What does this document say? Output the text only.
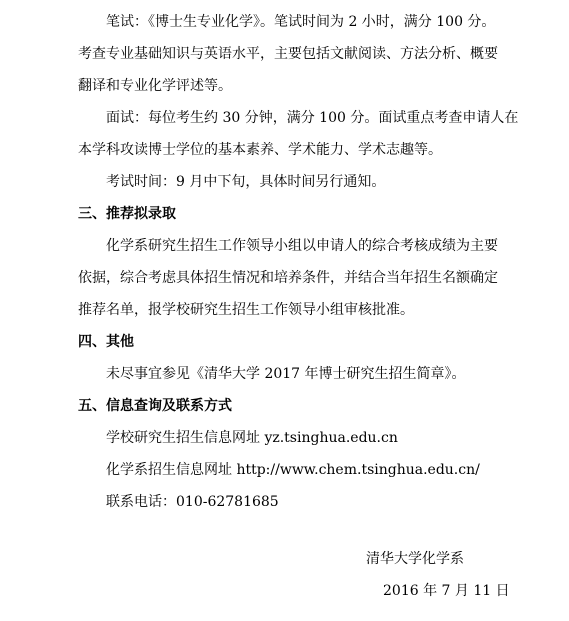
笔试：《博士生专业化学》。笔试时间为 2 小时，满分 100 分。
考查专业基础知识与英语水平，主要包括文献阅读、方法分析、概要
翻译和专业化学评述等。
面试：每位考生约 30 分钟，满分 100 分。面试重点考查申请人在
本学科攻读博士学位的基本素养、学术能力、学术志趣等。
考试时间：9 月中下旬，具体时间另行通知。
三、推荐拟录取
化学系研究生招生工作领导小组以申请人的综合考核成绩为主要
依据，综合考虑具体招生情况和培养条件，并结合当年招生名额确定
推荐名单，报学校研究生招生工作领导小组审核批准。
四、其他
未尽事宜参见《清华大学 2017 年博士研究生招生简章》。
五、信息查询及联系方式
学校研究生招生信息网址 yz.tsinghua.edu.cn
化学系招生信息网址 http://www.chem.tsinghua.edu.cn/
联系电话：010-62781685
清华大学化学系
2016 年 7 月 11 日
